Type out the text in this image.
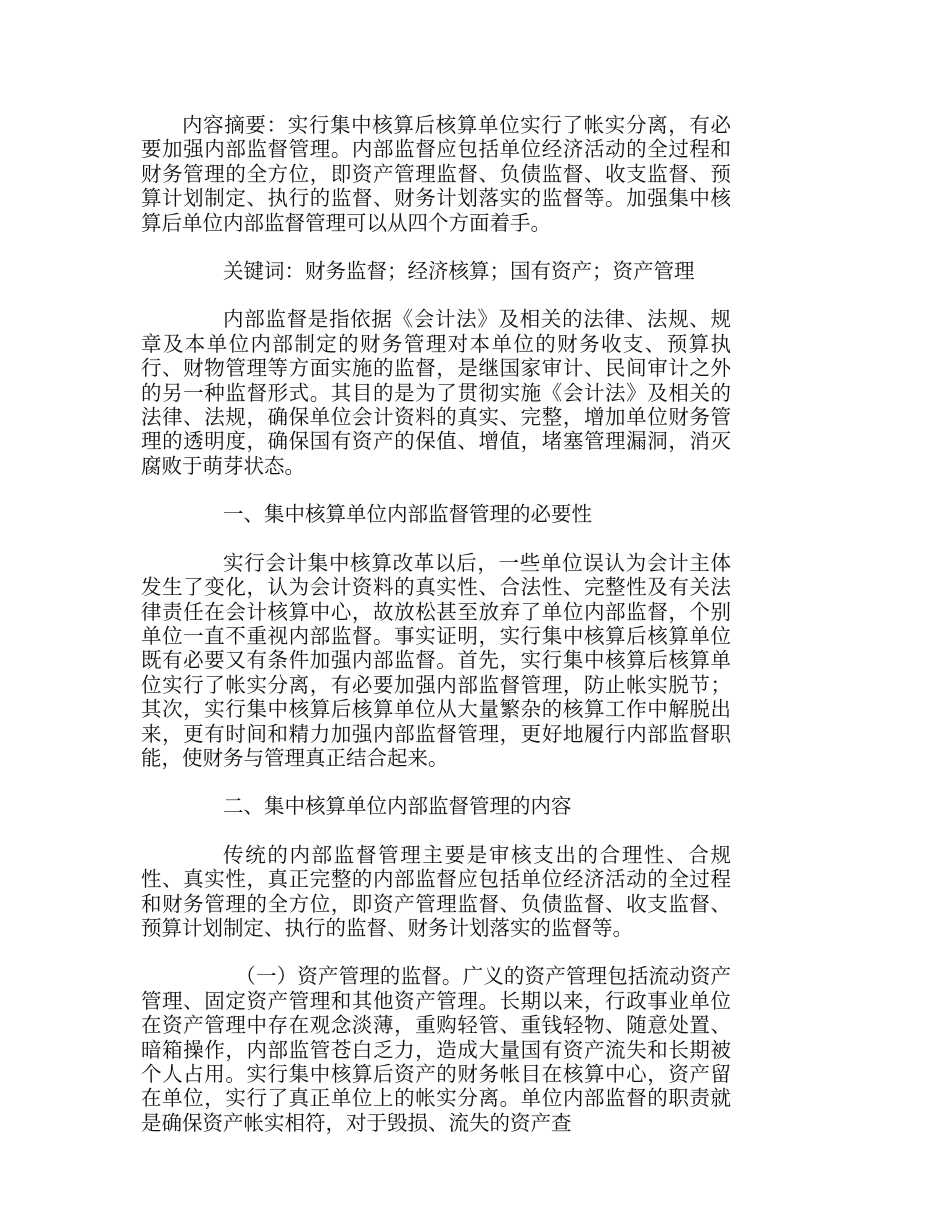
内容摘要：实行集中核算后核算单位实行了帐实分离，有必要加强内部监督管理。内部监督应包括单位经济活动的全过程和财务管理的全方位，即资产管理监督、负债监督、收支监督、预算计划制定、执行的监督、财务计划落实的监督等。加强集中核算后单位内部监督管理可以从四个方面着手。

关键词：财务监督；经济核算；国有资产；资产管理

内部监督是指依据《会计法》及相关的法律、法规、规章及本单位内部制定的财务管理对本单位的财务收支、预算执行、财物管理等方面实施的监督，是继国家审计、民间审计之外的另一种监督形式。其目的是为了贯彻实施《会计法》及相关的法律、法规，确保单位会计资料的真实、完整，增加单位财务管理的透明度，确保国有资产的保值、增值，堵塞管理漏洞，消灭腐败于萌芽状态。

一、集中核算单位内部监督管理的必要性

实行会计集中核算改革以后，一些单位误认为会计主体发生了变化，认为会计资料的真实性、合法性、完整性及有关法律责任在会计核算中心，故放松甚至放弃了单位内部监督，个别单位一直不重视内部监督。事实证明，实行集中核算后核算单位既有必要又有条件加强内部监督。首先，实行集中核算后核算单位实行了帐实分离，有必要加强内部监督管理，防止帐实脱节；其次，实行集中核算后核算单位从大量繁杂的核算工作中解脱出来，更有时间和精力加强内部监督管理，更好地履行内部监督职能，使财务与管理真正结合起来。

二、集中核算单位内部监督管理的内容

传统的内部监督管理主要是审核支出的合理性、合规性、真实性，真正完整的内部监督应包括单位经济活动的全过程和财务管理的全方位，即资产管理监督、负债监督、收支监督、预算计划制定、执行的监督、财务计划落实的监督等。

（一）资产管理的监督。广义的资产管理包括流动资产管理、固定资产管理和其他资产管理。长期以来，行政事业单位在资产管理中存在观念淡薄，重购轻管、重钱轻物、随意处置、暗箱操作，内部监管苍白乏力，造成大量国有资产流失和长期被个人占用。实行集中核算后资产的财务帐目在核算中心，资产留在单位，实行了真正单位上的帐实分离。单位内部监督的职责就是确保资产帐实相符，对于毁损、流失的资产查
